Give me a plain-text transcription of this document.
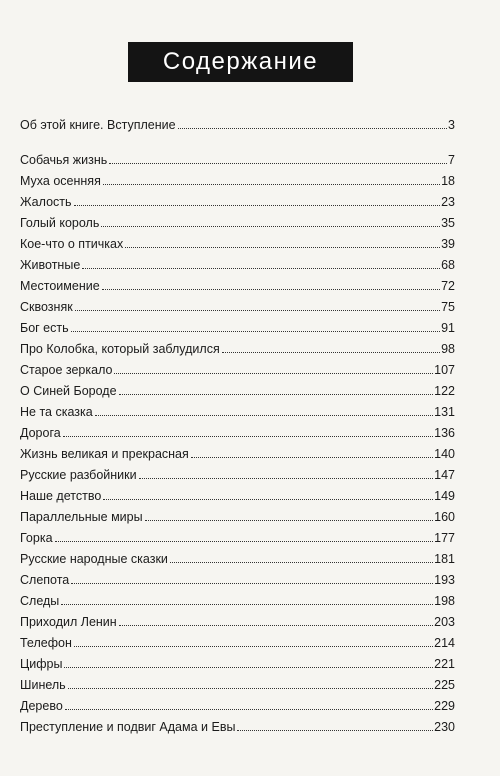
Содержание
Об этой книге. Вступление	3
Собачья жизнь	7
Муха осенняя	18
Жалость	23
Голый король	35
Кое-что о птичках	39
Животные	68
Местоимение	72
Сквозняк	75
Бог есть	91
Про Колобка, который заблудился	98
Старое зеркало	107
О Синей Бороде	122
Не та сказка	131
Дорога	136
Жизнь великая и прекрасная	140
Русские разбойники	147
Наше детство	149
Параллельные миры	160
Горка	177
Русские народные сказки	181
Слепота	193
Следы	198
Приходил Ленин	203
Телефон	214
Цифры	221
Шинель	225
Дерево	229
Преступление и подвиг Адама и Евы	230
